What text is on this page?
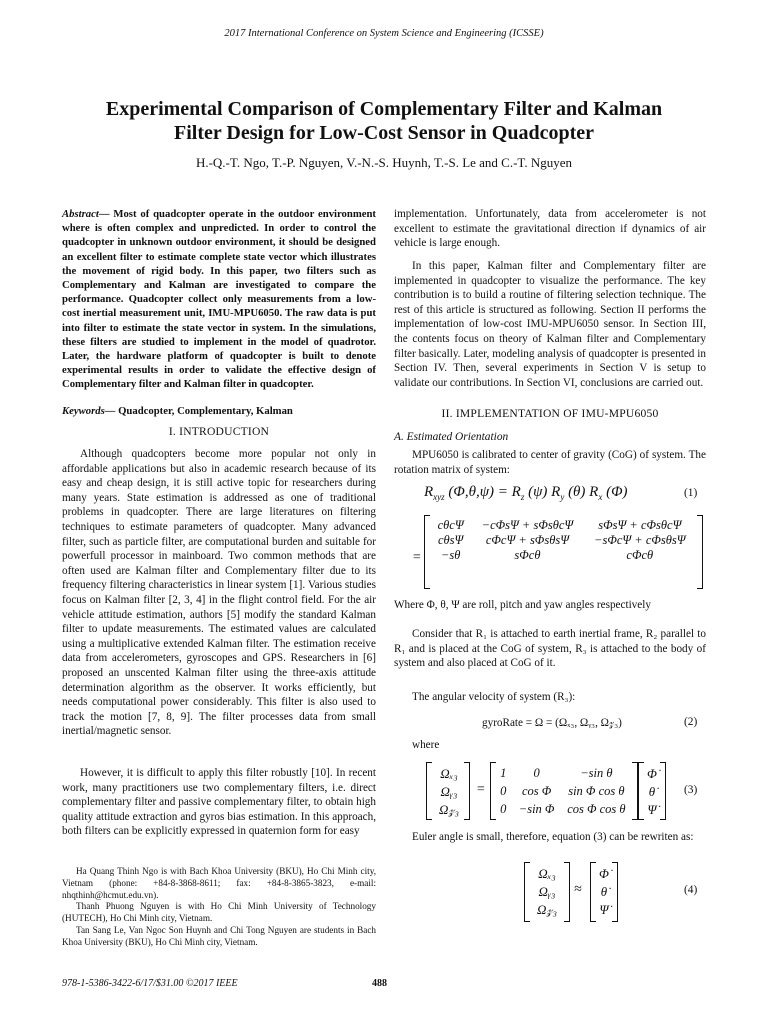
2017 International Conference on System Science and Engineering (ICSSE)
Experimental Comparison of Complementary Filter and Kalman
Filter Design for Low-Cost Sensor in Quadcopter
H.-Q.-T. Ngo, T.-P. Nguyen, V.-N.-S. Huynh, T.-S. Le and C.-T. Nguyen
Abstract— Most of quadcopter operate in the outdoor environment where is often complex and unpredicted. In order to control the quadcopter in unknown outdoor environment, it should be designed an excellent filter to estimate complete state vector which illustrates the movement of rigid body. In this paper, two filters such as Complementary and Kalman are investigated to compare the performance. Quadcopter collect only measurements from a low-cost inertial measurement unit, IMU-MPU6050. The raw data is put into filter to estimate the state vector in system. In the simulations, these filters are studied to implement in the model of quadrotor. Later, the hardware platform of quadcopter is built to denote experimental results in order to validate the effective design of Complementary filter and Kalman filter in quadcopter.
Keywords— Quadcopter, Complementary, Kalman
I. INTRODUCTION

Although quadcopters become more popular not only in affordable applications but also in academic research because of its easy and cheap design, it is still active topic for researchers during many years. State estimation is addressed as one of traditional problems in quadcopter. There are large literatures on filtering techniques to estimate parameters of quadcopter. Many advanced filter, such as particle filter, are computational burden and suitable for powerfull processor in mainboard. Two common methods that are often used are Kalman filter and Complementary filter due to its frequency filtering characteristics in linear system [1]. Various studies focus on Kalman filter [2, 3, 4] in the flight control field. For the air vehicle attitude estimation, authors [5] modify the standard Kalman filter to update measurements. The estimated values are calculated using a multiplicative extended Kalman filter. The estimation receive data from accelerometers, gyroscopes and GPS. Researchers in [6] proposed an unscented Kalman filter using the three-axis attitude determination algorithm as the observer. It works efficiently, but needs computational power considerably. This filter is also used to track the motion [7, 8, 9]. The filter processes data from small inertial/magnetic sensor.

However, it is difficult to apply this filter robustly [10]. In recent work, many practitioners use two complementary filters, i.e. direct complementary filter and passive complementary filter, to obtain high quality attitude extraction and gyros bias estimation. In this approach, both filters can be explicitly expressed in quaternion form for easy

Ha Quang Thinh Ngo is with Bach Khoa University (BKU), Ho Chi Minh city, Vietnam (phone: +84-8-3868-8611; fax: +84-8-3865-3823, e-mail: nhqthinh@hcmut.edu.vn).

Thanh Phuong Nguyen is with Ho Chi Minh University of Technology (HUTECH), Ho Chi Minh city, Vietnam.

Tan Sang Le, Van Ngoc Son Huynh and Chi Tong Nguyen are students in Bach Khoa University (BKU), Ho Chi Minh city, Vietnam.

978-1-5386-3422-6/17/$31.00 ©2017 IEEE	488

implementation. Unfortunately, data from accelerometer is not excellent to estimate the gravitational direction if dynamics of air vehicle is large enough.

In this paper, Kalman filter and Complementary filter are implemented in quadcopter to visualize the performance. The key contribution is to build a routine of filtering selection technique. The rest of this article is structured as following. Section II performs the implementation of low-cost IMU-MPU6050 sensor. In Section III, the contents focus on theory of Kalman filter and Complementary filter basically. Later, modeling analysis of quadcopter is presented in Section IV. Then, several experiments in Section V is setup to validate our contributions. In Section VI, conclusions are carried out.

II. IMPLEMENTATION OF IMU-MPU6050
A. Estimated Orientation

MPU6050 is calibrated to center of gravity (CoG) of system. The rotation matrix of system:

$R_{xyz}$ $(\Phi,\theta,\psi) = R_z$ (ψ) $R_y$ (θ) $R_x$ (Φ)	(1)
=
cθcΨ	−cΦsΨ + sΦsθcΨ	sΦsΨ + cΦsθcΨ
cθsΨ	cΦcΨ + sΦsθsΨ	−sΦcΨ + cΦsθsΨ
−sθ	sΦcθ	cΦcθ
Where Φ, θ, Ψ are roll, pitch and yaw angles respectively

Consider that R₁ is attached to earth inertial frame, R₂ parallel to R₁ and is placed at the CoG of system, R₃ is attached to the body of system and also placed at CoG of it.

The angular velocity of system (R₃):

gyroRate = Ω = (Ωₓ₃, Ωᵧ₃, Ω𝓏₃)	(2)
where
Ωₓ₃
Ωᵧ₃
Ω𝓏₃
=
1	0	−sin θ
0	cos Φ	sin Φ cos θ
0	−sin Φ	cos Φ cos θ
Φ̇
θ̇
Ψ̇
(3)

Euler angle is small, therefore, equation (3) can be rewriten as:

Ωₓ₃
Ωᵧ₃
Ω𝓏₃
≈
Φ̇
θ̇
Ψ̇
(4)
